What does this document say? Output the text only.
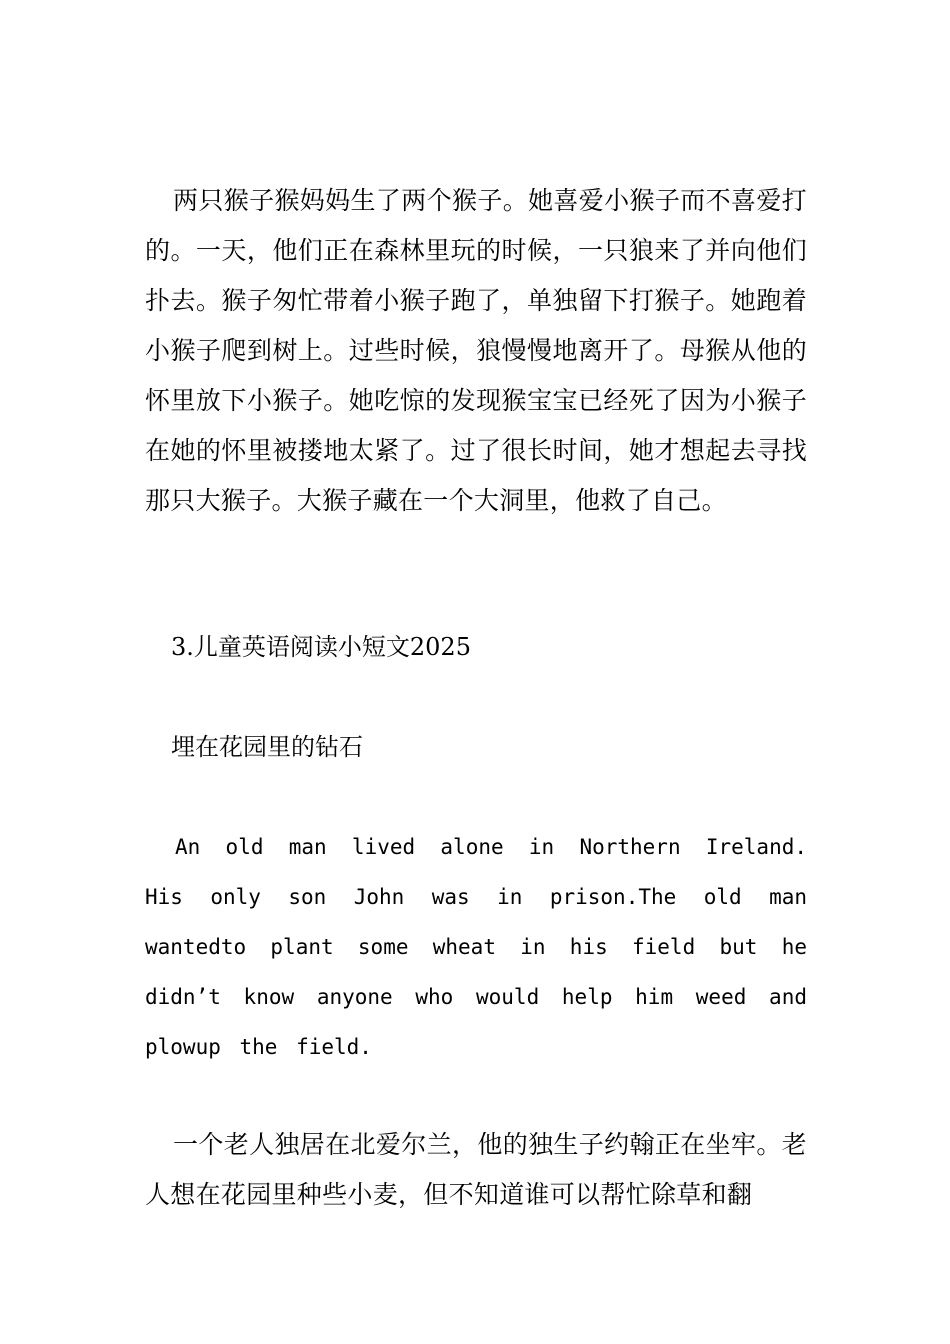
两只猴子猴妈妈生了两个猴子。她喜爱小猴子而不喜爱打的。一天，他们正在森林里玩的时候，一只狼来了并向他们扑去。猴子匆忙带着小猴子跑了，单独留下打猴子。她跑着小猴子爬到树上。过些时候，狼慢慢地离开了。母猴从他的怀里放下小猴子。她吃惊的发现猴宝宝已经死了因为小猴子在她的怀里被搂地太紧了。过了很长时间，她才想起去寻找那只大猴子。大猴子藏在一个大洞里，他救了自己。

3.儿童英语阅读小短文2025
埋在花园里的钻石

An old man lived alone in Northern Ireland. His only son John was in prison.The old man wantedto plant some wheat in his field but he didn’t know anyone who would help him weed and plowup the field.

一个老人独居在北爱尔兰，他的独生子约翰正在坐牢。老人想在花园里种些小麦，但不知道谁可以帮忙除草和翻
